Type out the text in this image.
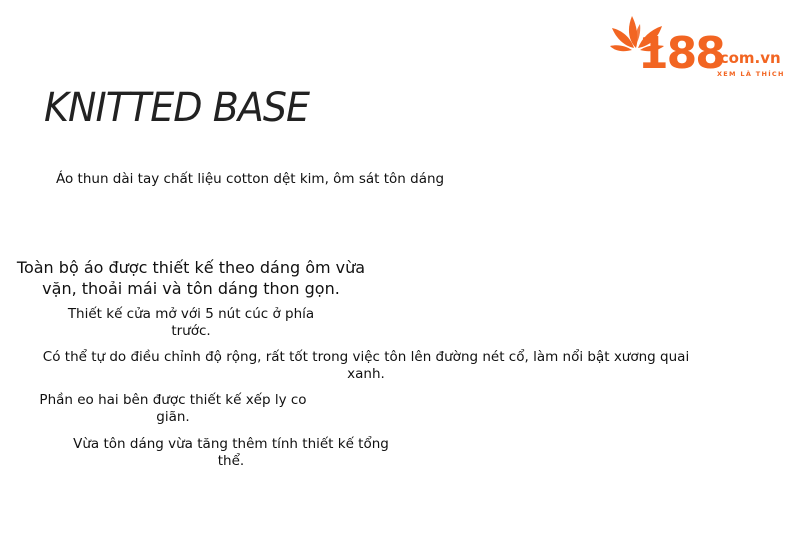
188
.com.vn
XEM LÀ THÍCH
KNITTED BASE
Áo thun dài tay chất liệu cotton dệt kim, ôm sát tôn dáng
Toàn bộ áo được thiết kế theo dáng ôm vừa vặn, thoải mái và tôn dáng thon gọn.
Thiết kế cửa mở với 5 nút cúc ở phía trước.
Có thể tự do điều chỉnh độ rộng, rất tốt trong việc tôn lên đường nét cổ, làm nổi bật xương quai xanh.
Phần eo hai bên được thiết kế xếp ly co giãn.
Vừa tôn dáng vừa tăng thêm tính thiết kế tổng thể.
